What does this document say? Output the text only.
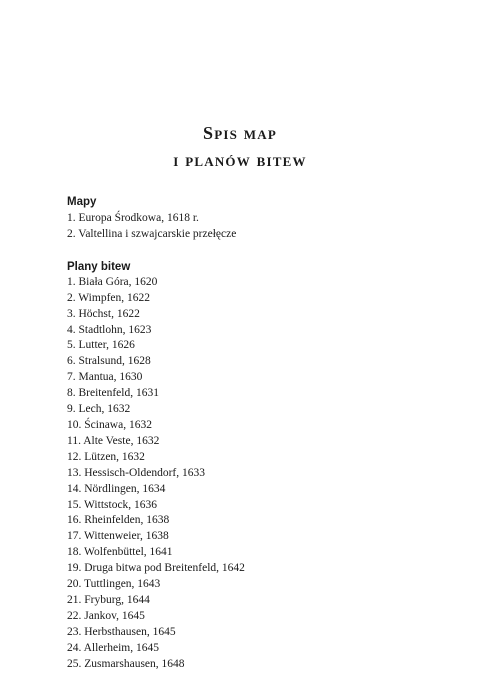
Spis map
i planów bitew
Mapy
1. Europa Środkowa, 1618 r.
2. Valtellina i szwajcarskie przełęcze
Plany bitew
1. Biała Góra, 1620
2. Wimpfen, 1622
3. Höchst, 1622
4. Stadtlohn, 1623
5. Lutter, 1626
6. Stralsund, 1628
7. Mantua, 1630
8. Breitenfeld, 1631
9. Lech, 1632
10. Ścinawa, 1632
11. Alte Veste, 1632
12. Lützen, 1632
13. Hessisch-Oldendorf, 1633
14. Nördlingen, 1634
15. Wittstock, 1636
16. Rheinfelden, 1638
17. Wittenweier, 1638
18. Wolfenbüttel, 1641
19. Druga bitwa pod Breitenfeld, 1642
20. Tuttlingen, 1643
21. Fryburg, 1644
22. Jankov, 1645
23. Herbsthausen, 1645
24. Allerheim, 1645
25. Zusmarshausen, 1648
